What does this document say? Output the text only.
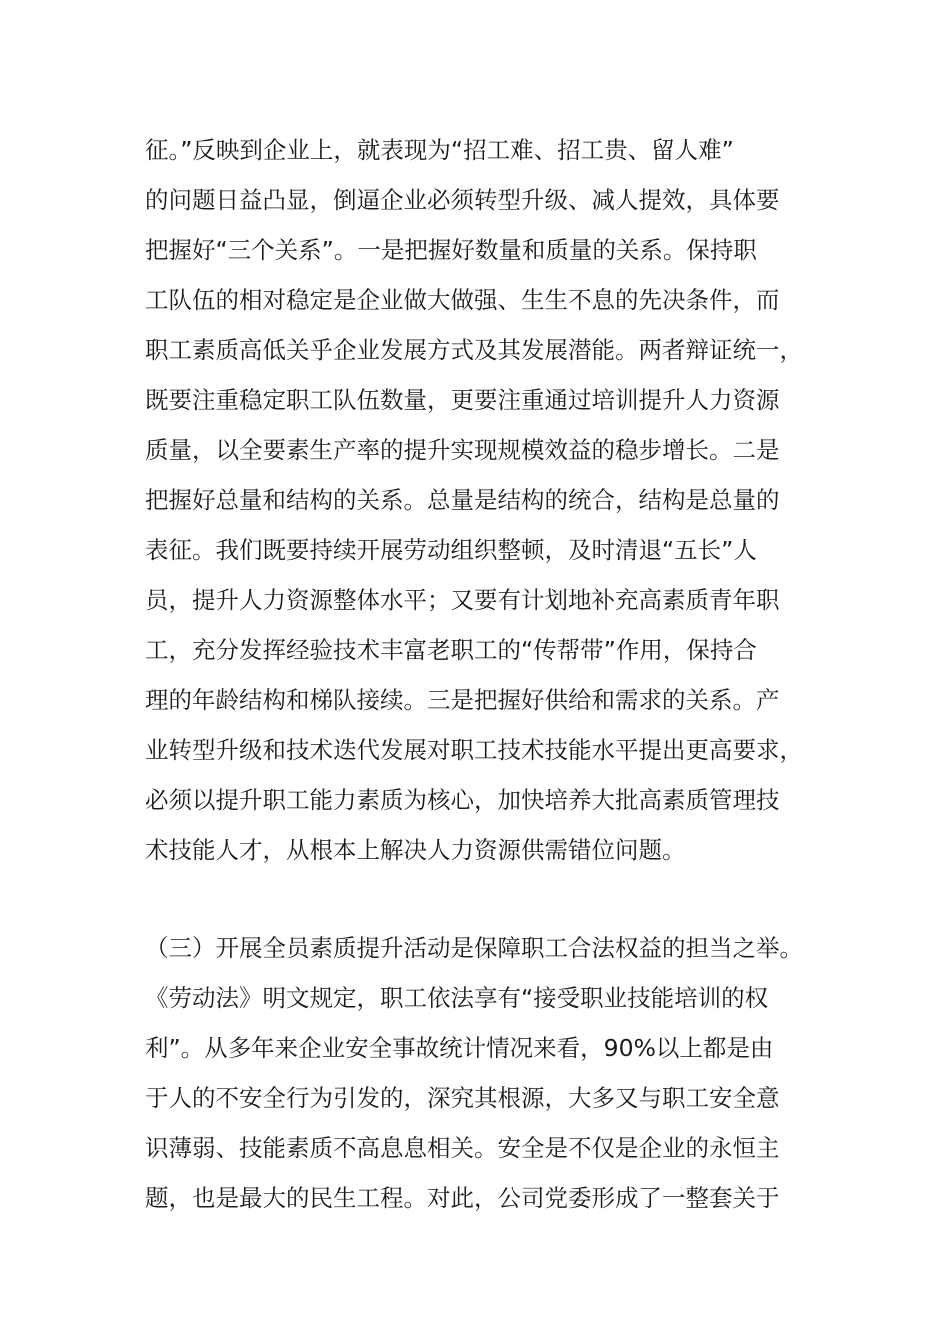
征。”反映到企业上，就表现为“招工难、招工贵、留人难”
的问题日益凸显，倒逼企业必须转型升级、减人提效，具体要
把握好“三个关系”。一是把握好数量和质量的关系。保持职
工队伍的相对稳定是企业做大做强、生生不息的先决条件，而
职工素质高低关乎企业发展方式及其发展潜能。两者辩证统一，
既要注重稳定职工队伍数量，更要注重通过培训提升人力资源
质量，以全要素生产率的提升实现规模效益的稳步增长。二是
把握好总量和结构的关系。总量是结构的统合，结构是总量的
表征。我们既要持续开展劳动组织整顿，及时清退“五长”人
员，提升人力资源整体水平；又要有计划地补充高素质青年职
工，充分发挥经验技术丰富老职工的“传帮带”作用，保持合
理的年龄结构和梯队接续。三是把握好供给和需求的关系。产
业转型升级和技术迭代发展对职工技术技能水平提出更高要求，
必须以提升职工能力素质为核心，加快培养大批高素质管理技
术技能人才，从根本上解决人力资源供需错位问题。
（三）开展全员素质提升活动是保障职工合法权益的担当之举。
《劳动法》明文规定，职工依法享有“接受职业技能培训的权
利”。从多年来企业安全事故统计情况来看，90%以上都是由
于人的不安全行为引发的，深究其根源，大多又与职工安全意
识薄弱、技能素质不高息息相关。安全是不仅是企业的永恒主
题，也是最大的民生工程。对此，公司党委形成了一整套关于
